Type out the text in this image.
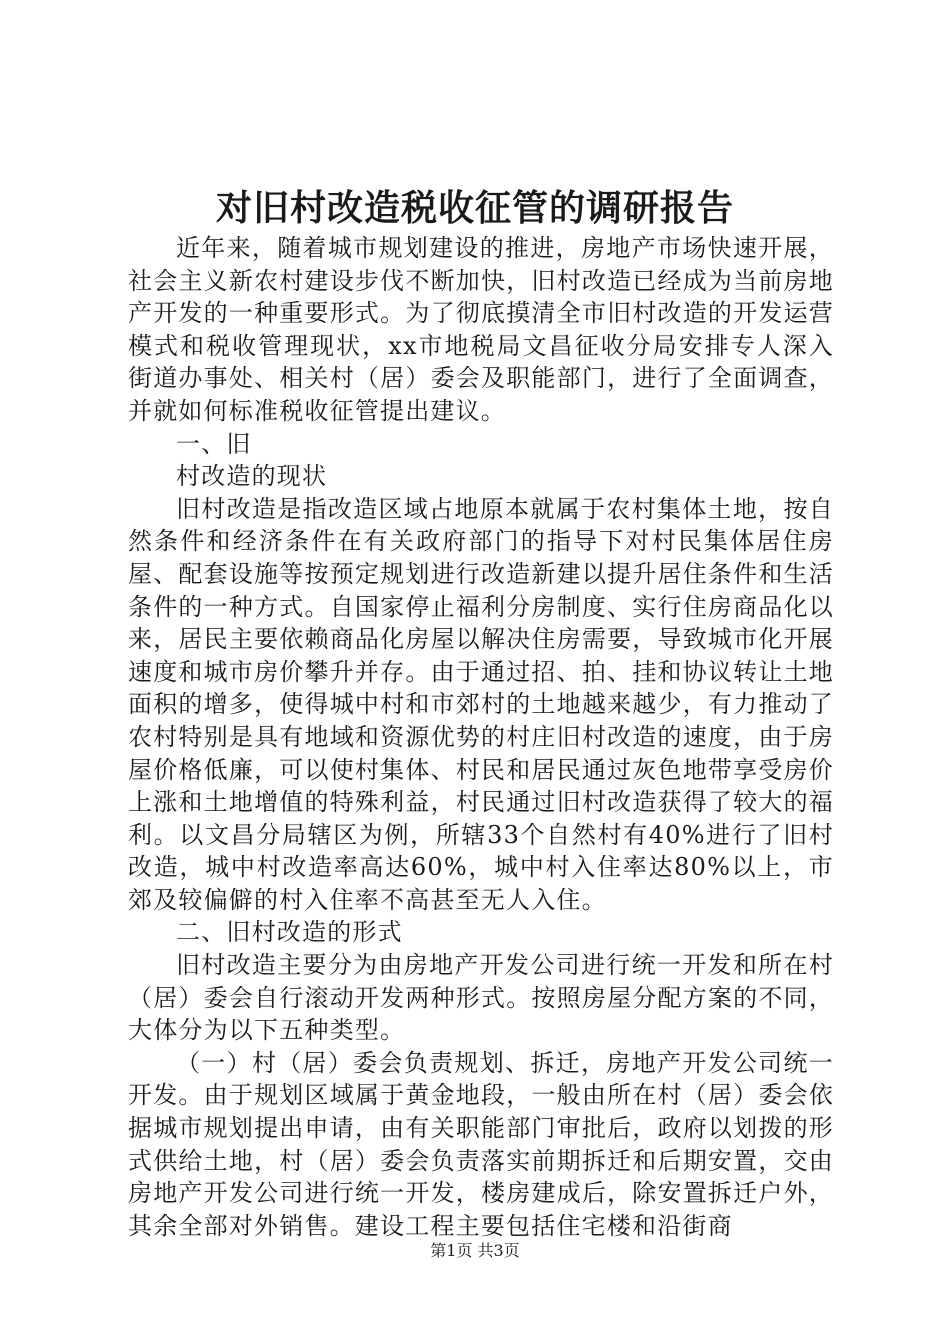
对旧村改造税收征管的调研报告

近年来，随着城市规划建设的推进，房地产市场快速开展，社会主义新农村建设步伐不断加快，旧村改造已经成为当前房地产开发的一种重要形式。为了彻底摸清全市旧村改造的开发运营模式和税收管理现状，xx市地税局文昌征收分局安排专人深入街道办事处、相关村（居）委会及职能部门，进行了全面调查，并就如何标准税收征管提出建议。

一、旧

村改造的现状

旧村改造是指改造区域占地原本就属于农村集体土地，按自然条件和经济条件在有关政府部门的指导下对村民集体居住房屋、配套设施等按预定规划进行改造新建以提升居住条件和生活条件的一种方式。自国家停止福利分房制度、实行住房商品化以来，居民主要依赖商品化房屋以解决住房需要，导致城市化开展速度和城市房价攀升并存。由于通过招、拍、挂和协议转让土地面积的增多，使得城中村和市郊村的土地越来越少，有力推动了农村特别是具有地域和资源优势的村庄旧村改造的速度，由于房屋价格低廉，可以使村集体、村民和居民通过灰色地带享受房价上涨和土地增值的特殊利益，村民通过旧村改造获得了较大的福利。以文昌分局辖区为例，所辖33个自然村有40%进行了旧村改造，城中村改造率高达60%，城中村入住率达80%以上，市郊及较偏僻的村入住率不高甚至无人入住。

二、旧村改造的形式

旧村改造主要分为由房地产开发公司进行统一开发和所在村（居）委会自行滚动开发两种形式。按照房屋分配方案的不同，大体分为以下五种类型。

（一）村（居）委会负责规划、拆迁，房地产开发公司统一开发。由于规划区域属于黄金地段，一般由所在村（居）委会依据城市规划提出申请，由有关职能部门审批后，政府以划拨的形式供给土地，村（居）委会负责落实前期拆迁和后期安置，交由房地产开发公司进行统一开发，楼房建成后，除安置拆迁户外，其余全部对外销售。建设工程主要包括住宅楼和沿街商

第1页 共3页
